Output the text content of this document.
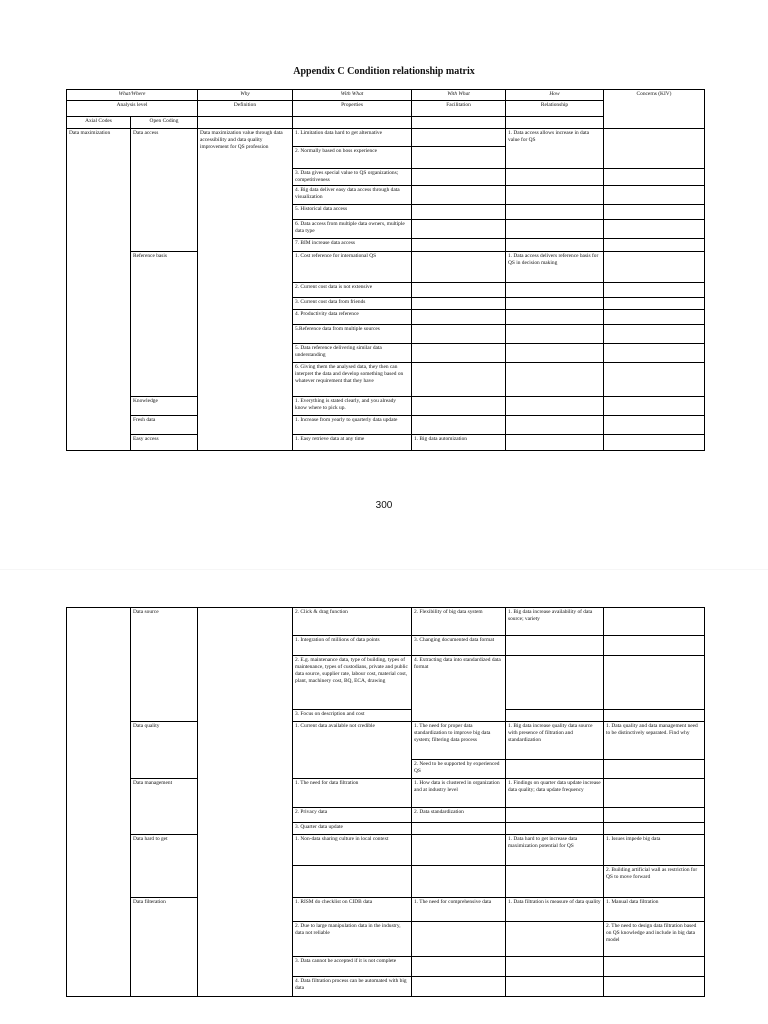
Appendix C Condition relationship matrix
What/Where		Why	With What	With What	How	Concerns (KIV)
Analysis level		Definition	Properties	Facilitation	Relationship	
Axial Codes	Open Coding					
Data maximization	Data access	Data maximization value through data accessibility and data quality improvement for QS profession	1. Limitation data hard to get alternative		1. Data access allows increase in data value for QS	
			2. Normally based on boss experience			
			3. Data gives special value to QS organizations; competitiveness			
			4. Big data deliver easy data access through data visualization			
			5. Historical data access			
			6. Data access from multiple data owners, multiple data type			
			7. BIM increase data access			
	Reference basis		1. Cost reference for international QS		1. Data access delivers reference basis for QS in decision making	
			2. Current cost data is not extensive			
			3. Current cost data from friends			
			4. Productivity data reference			
			5.Reference data from multiple sources			
			5. Data reference delivering similar data understanding			
			6. Giving them the analysed data, they then can interpret the data and develop something based on whatever requirement that they have			
	Knowledge		1. Everything is stated clearly, and you already know where to pick up.			
	Fresh data		1. Increase from yearly to quarterly data update			
	Easy access		1. Easy retrieve data at any time	1. Big data automization		
300
	Data source		2. Click & drag function	2. Flexibility of big data system	1. Big data increase availability of data source; variety	
			1. Integration of millions of data points	3. Changing documented data format		
			2. E.g. maintenance data, type of building, types of maintenance, types of custodians, private and public data source, supplier rate, labour cost, material cost, plant, machinery cost, BQ, ECA, drawing	4. Extracting data into standardized data format		
			3. Focus on description and cost			
	Data quality		1. Current data available not credible	1. The need for proper data standardization to improve big data system; filtering data process	1. Big data increase quality data source with presence of filtration and standardization	1. Data quality and data management need to be distinctively separated. Find why
				2. Need to be supported by experienced QS		
	Data management		1. The need for data filtration	1. How data is clustered in organization and at industry level	1. Findings on quarter data update increase data quality; data update frequency	
			2. Privacy data	2. Data standardization		
			3. Quarter data update			
	Data hard to get		1. Non-data sharing culture in local context		1. Data hard to get increase data maximization potential for QS	1. Issues impede big data
						2. Building artificial wall as restriction for QS to move forward
	Data filteration		1. RISM do checklist on CIDB data	1. The need for comprehensive data	1. Data filtration is measure of data quality	1. Manual data filtration
			2. Due to large manipulation data in the industry, data not reliable			2. The need to design data filtration based on QS knowledge and include in big data model
			3. Data cannot be accepted if it is not complete			
			4. Data filtration process can be automated with big data			
